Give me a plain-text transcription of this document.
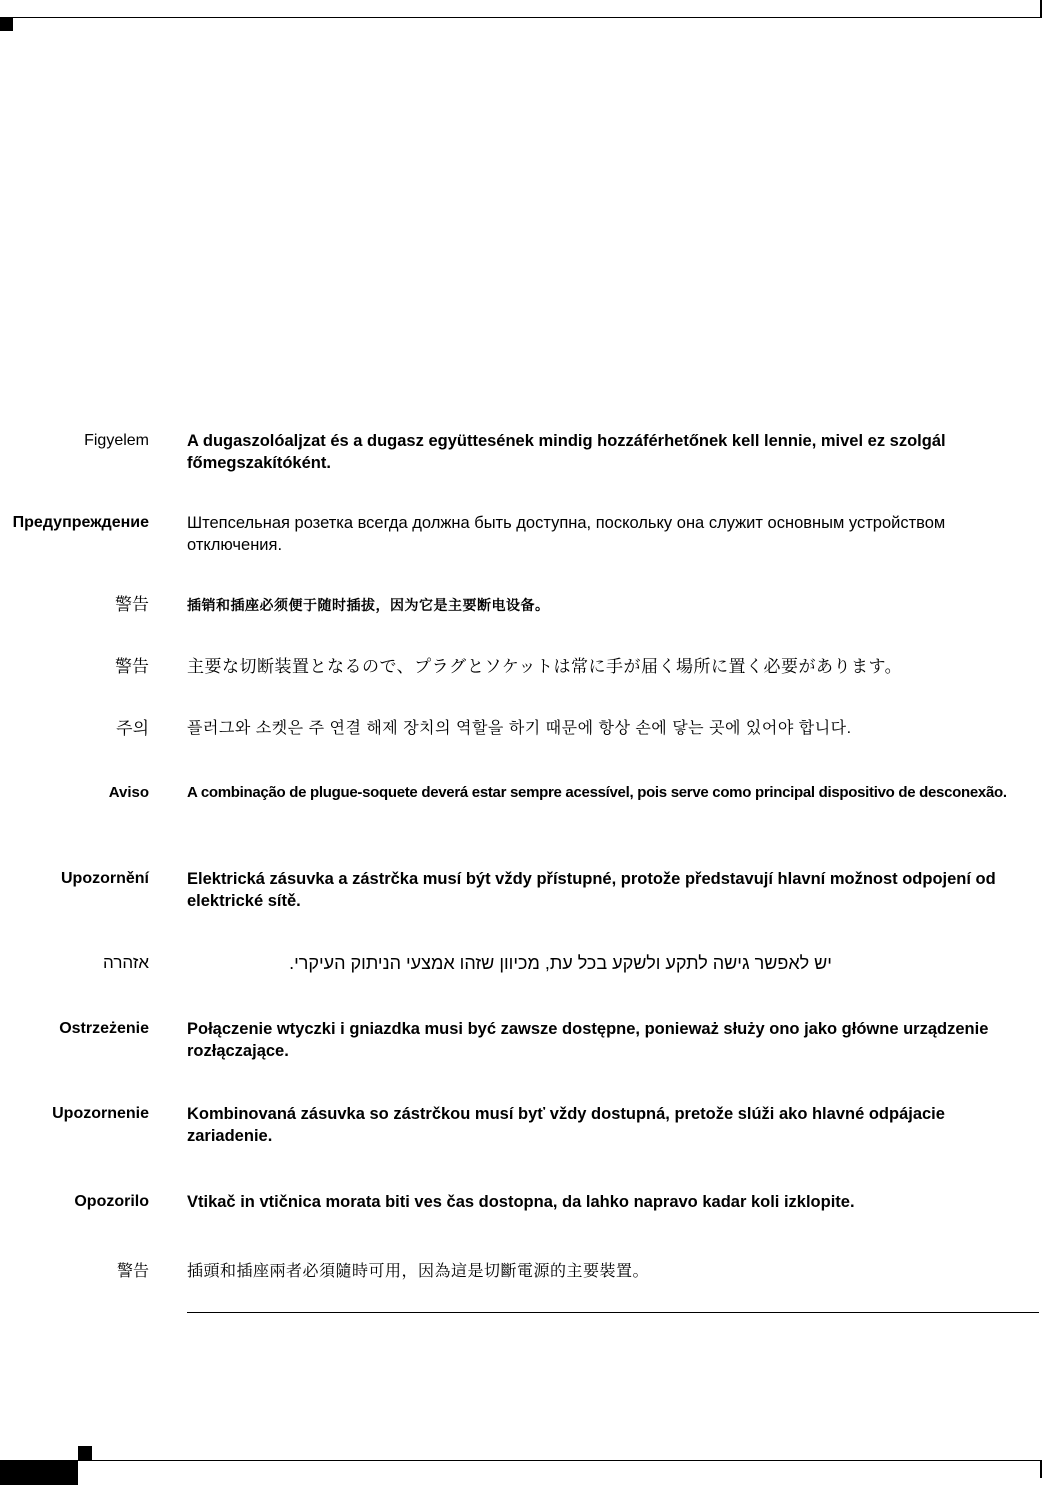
Figyelem A dugaszolóaljzat és a dugasz együttesének mindig hozzáférhetőnek kell lennie, mivel ez szolgál főmegszakítóként.
Предупреждение Штепсельная розетка всегда должна быть доступна, поскольку она служит основным устройством отключения.
警告	插销和插座必须便于随时插拔，因为它是主要断电设备。
警告 主要な切断装置となるので、プラグとソケットは常に手が届く場所に置く必要があります。
주의 플러그와 소켓은 주 연결 해제 장치의 역할을 하기 때문에 항상 손에 닿는 곳에 있어야 합니다.
Aviso	A combinação de plugue-soquete deverá estar sempre acessível, pois serve como principal dispositivo de desconexão.
Upozornění Elektrická zásuvka a zástrčka musí být vždy přístupné, protože představují hlavní možnost odpojení od elektrické sítě.
אזהרה	יש לאפשר גישה לתקע ולשקע בכל עת, מכיוון שזהו אמצעי הניתוק העיקרי.
Ostrzeżenie Połączenie wtyczki i gniazdka musi być zawsze dostępne, ponieważ służy ono jako główne urządzenie rozłączające.
Upozornenie Kombinovaná zásuvka so zástrčkou musí byť vždy dostupná, pretože slúži ako hlavné odpájacie zariadenie.
Opozorilo Vtikač in vtičnica morata biti ves čas dostopna, da lahko napravo kadar koli izklopite.
警告 插頭和插座兩者必須隨時可用，因為這是切斷電源的主要裝置。
